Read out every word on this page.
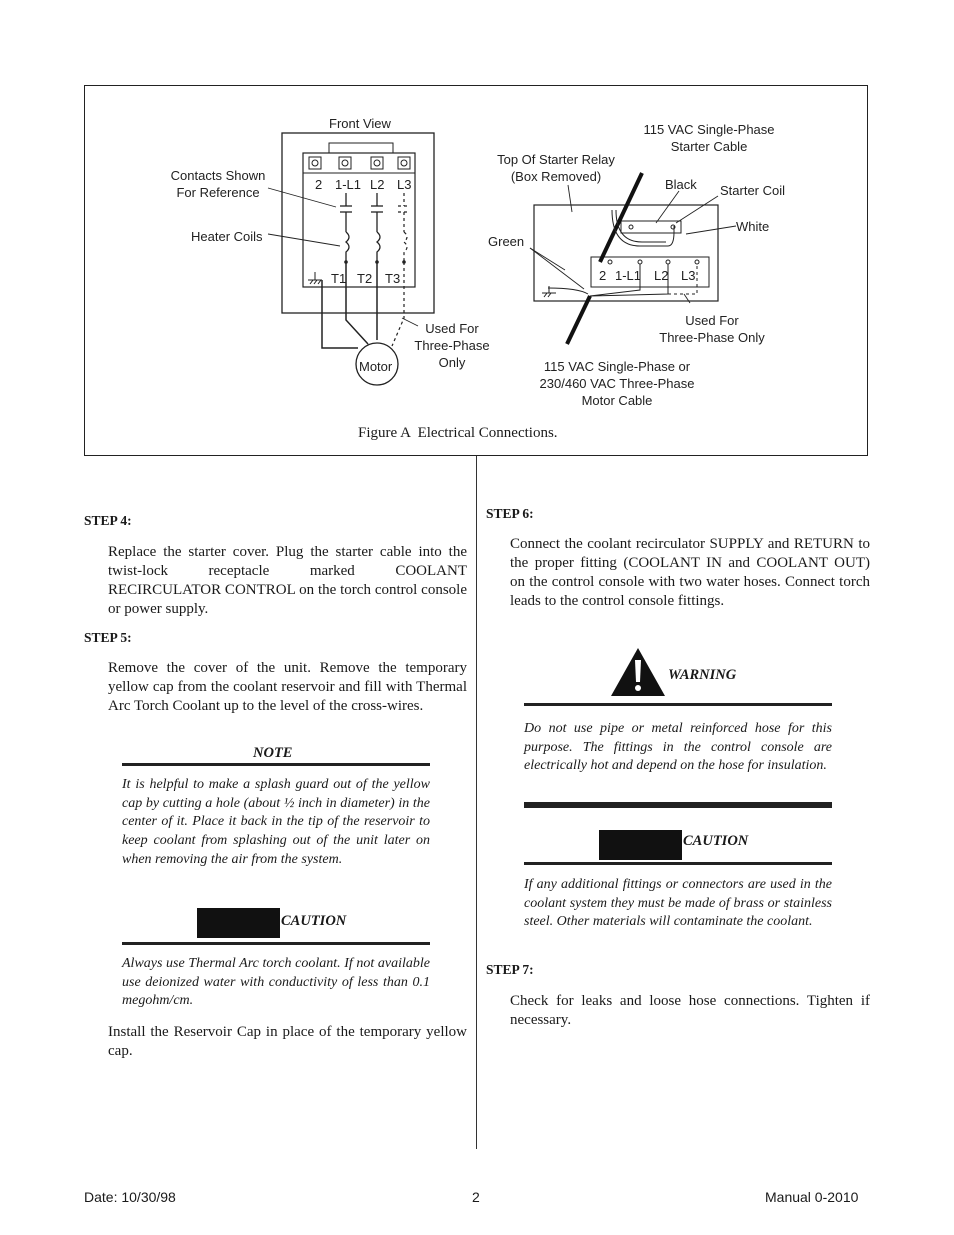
Front View
Contacts Shown
For Reference
Heater Coils
2 1-L1 L2 L3
T1 T2 T3
Motor
Used For
Three-Phase
Only
115 VAC Single-Phase
Starter Cable
Top Of Starter Relay
(Box Removed)
Black Starter Coil
White
Green
2 1-L1 L2 L3
Used For
Three-Phase Only
115 VAC Single-Phase or
230/460 VAC Three-Phase
Motor Cable
Figure A  Electrical Connections.
STEP 4:
Replace the starter cover. Plug the starter cable into the twist-lock receptacle marked COOLANT RECIRCULATOR CONTROL on the torch control console or power supply.
STEP 5:
Remove the cover of the unit. Remove the temporary yellow cap from the coolant reservoir and fill with Thermal Arc Torch Coolant up to the level of the cross-wires.
NOTE
It is helpful to make a splash guard out of the yellow cap by cutting a hole (about ½ inch in diameter) in the center of it. Place it back in the tip of the reservoir to keep coolant from splashing out of the unit later on when removing the air from the system.
CAUTION
Always use Thermal Arc torch coolant. If not available use deionized water with conductivity of less than 0.1 megohm/cm.
Install the Reservoir Cap in place of the temporary yellow cap.
STEP 6:
Connect the coolant recirculator SUPPLY and RETURN to the proper fitting (COOLANT IN and COOLANT OUT) on the control console with two water hoses. Connect torch leads to the control console fittings.
WARNING
Do not use pipe or metal reinforced hose for this purpose. The fittings in the control console are electrically hot and depend on the hose for insulation.
CAUTION
If any additional fittings or connectors are used in the coolant system they must be made of brass or stainless steel. Other materials will contaminate the coolant.
STEP 7:
Check for leaks and loose hose connections. Tighten if necessary.
Date: 10/30/98	2	Manual 0-2010
